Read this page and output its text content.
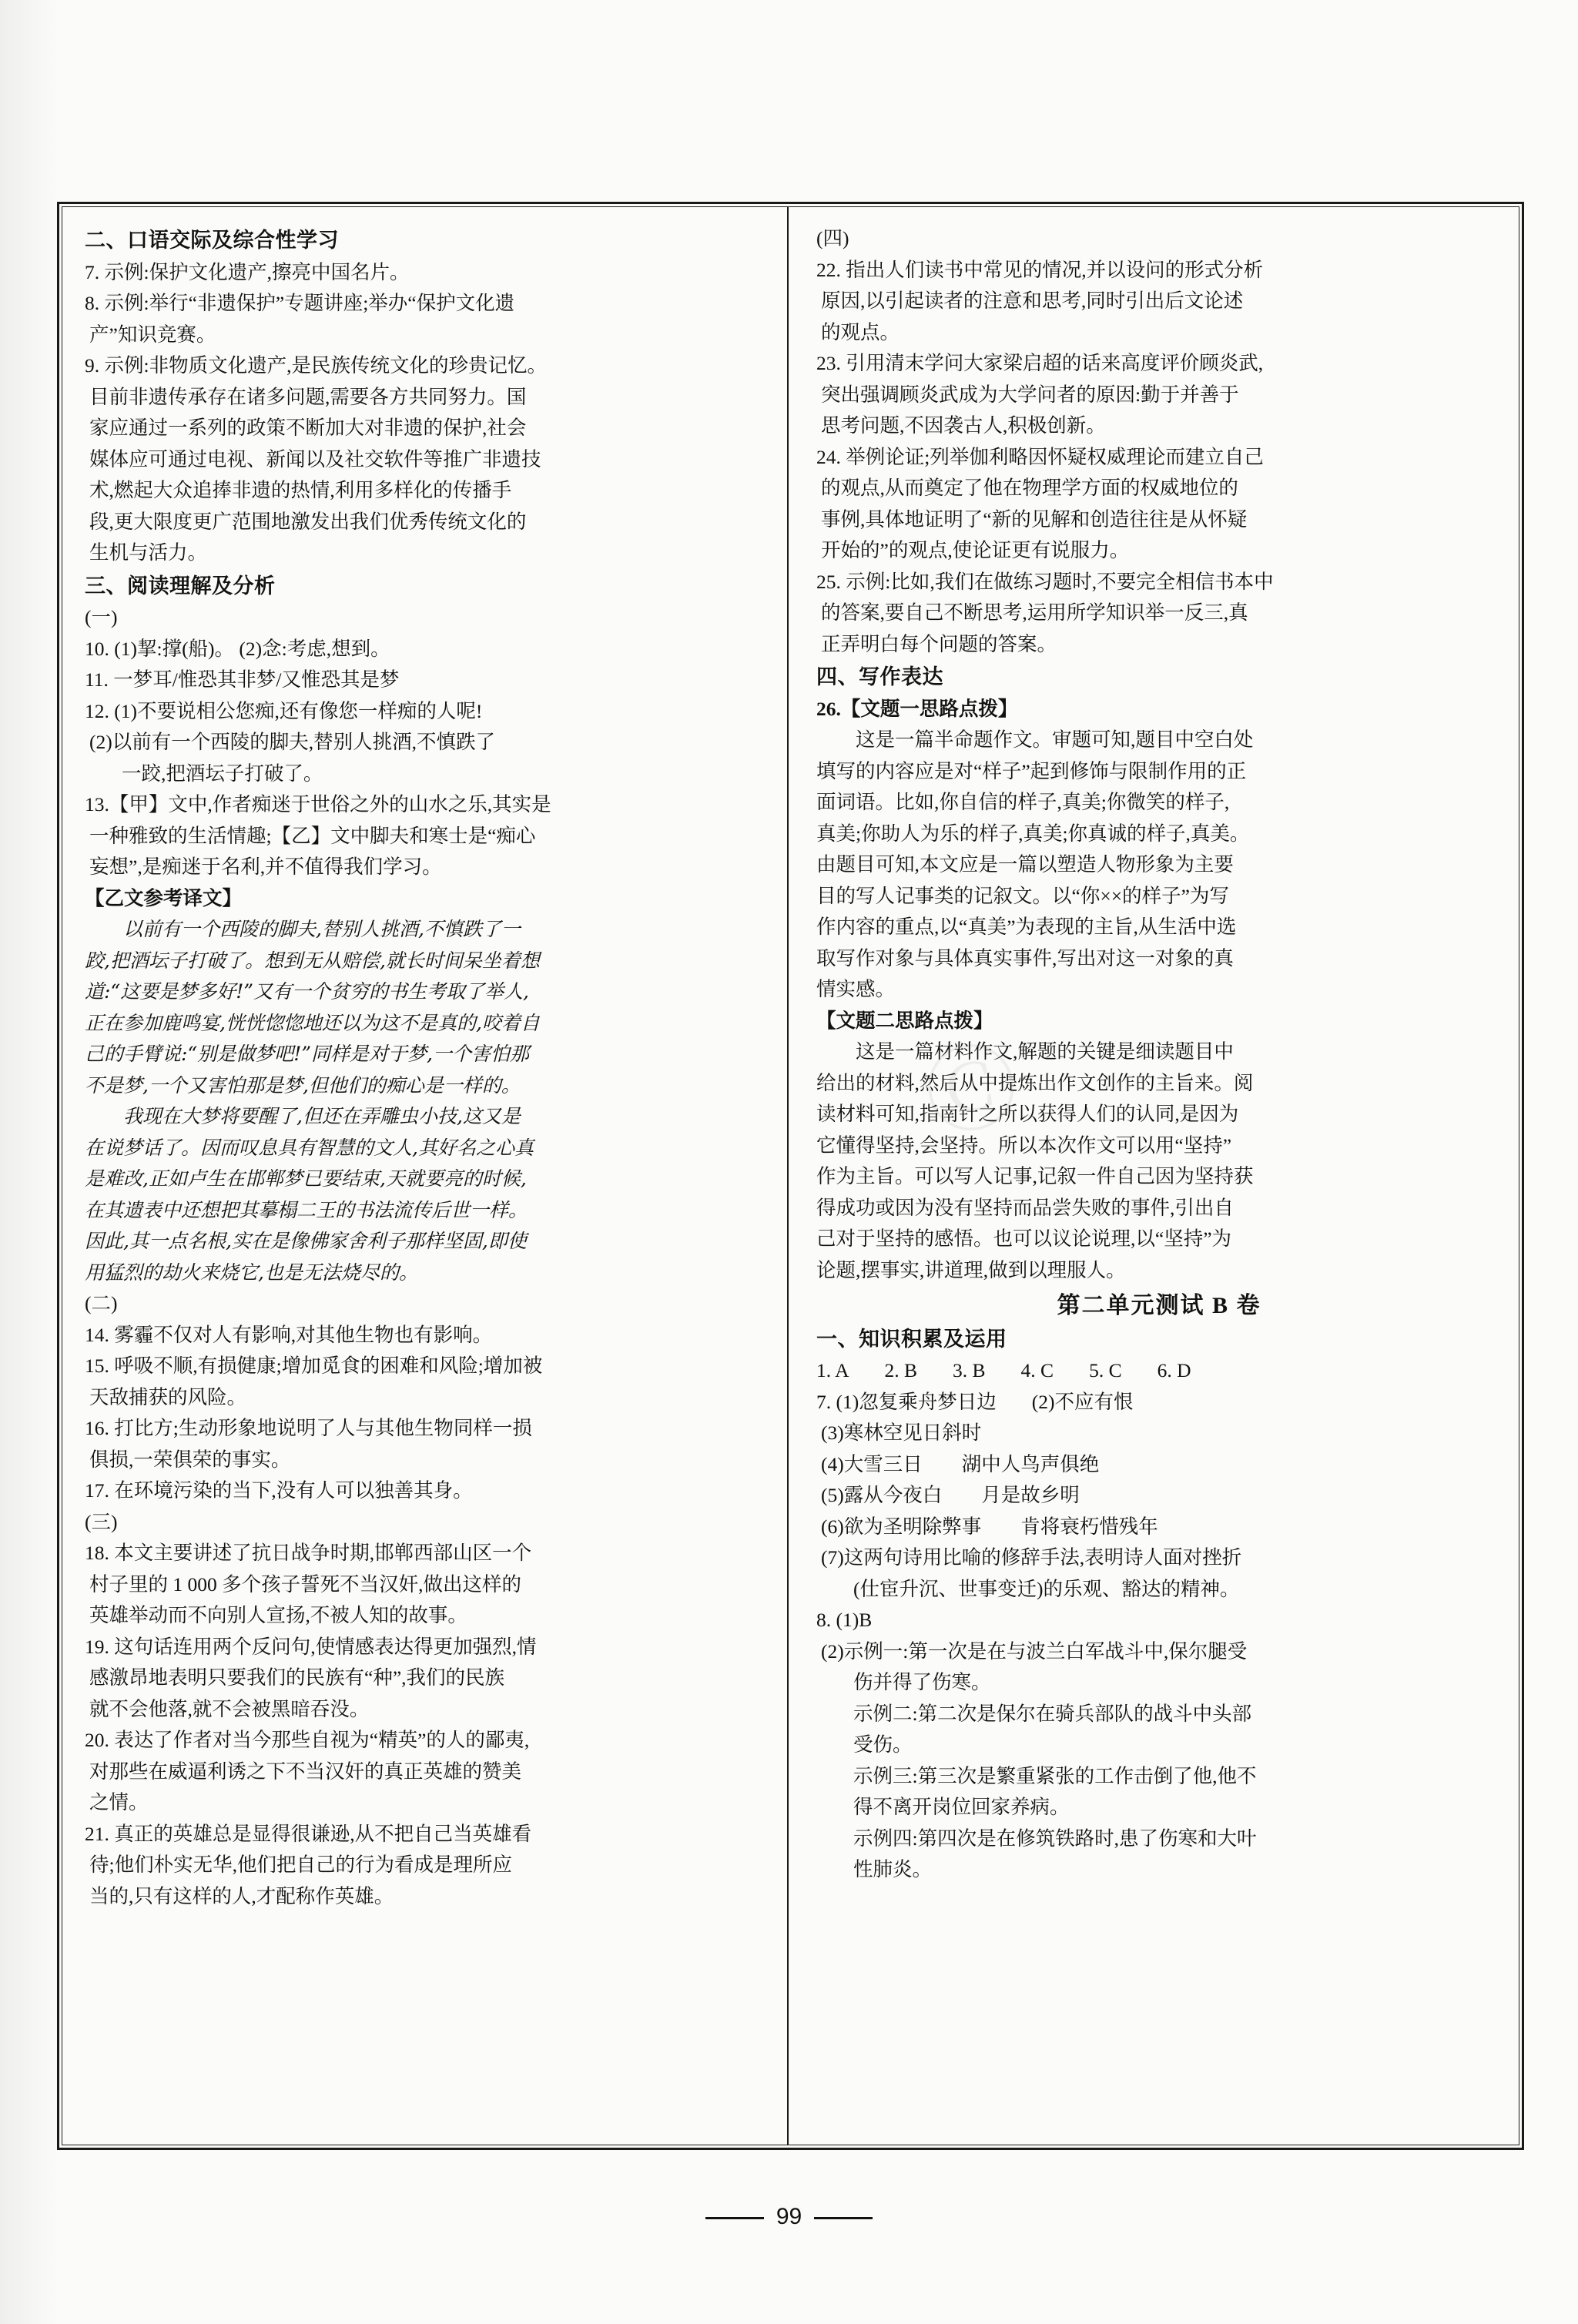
Ⓒ

二、口语交际及综合性学习
7. 示例:保护文化遗产,擦亮中国名片。
8. 示例:举行“非遗保护”专题讲座;举办“保护文化遗
产”知识竞赛。
9. 示例:非物质文化遗产,是民族传统文化的珍贵记忆。
目前非遗传承存在诸多问题,需要各方共同努力。国
家应通过一系列的政策不断加大对非遗的保护,社会
媒体应可通过电视、新闻以及社交软件等推广非遗技
术,燃起大众追捧非遗的热情,利用多样化的传播手
段,更大限度更广范围地激发出我们优秀传统文化的
生机与活力。
三、阅读理解及分析
(一)
10. (1)挈:撑(船)。 (2)念:考虑,想到。
11. 一梦耳/惟恐其非梦/又惟恐其是梦
12. (1)不要说相公您痴,还有像您一样痴的人呢!
(2)以前有一个西陵的脚夫,替别人挑酒,不慎跌了
一跤,把酒坛子打破了。
13.【甲】文中,作者痴迷于世俗之外的山水之乐,其实是
一种雅致的生活情趣;【乙】文中脚夫和寒士是“痴心
妄想”,是痴迷于名利,并不值得我们学习。
【乙文参考译文】
　　以前有一个西陵的脚夫,替别人挑酒,不慎跌了一
跤,把酒坛子打破了。想到无从赔偿,就长时间呆坐着想
道:“这要是梦多好!”又有一个贫穷的书生考取了举人,
正在参加鹿鸣宴,恍恍惚惚地还以为这不是真的,咬着自
己的手臂说:“别是做梦吧!”同样是对于梦,一个害怕那
不是梦,一个又害怕那是梦,但他们的痴心是一样的。
　　我现在大梦将要醒了,但还在弄雕虫小技,这又是
在说梦话了。因而叹息具有智慧的文人,其好名之心真
是难改,正如卢生在邯郸梦已要结束,天就要亮的时候,
在其遗表中还想把其摹榻二王的书法流传后世一样。
因此,其一点名根,实在是像佛家舍利子那样坚固,即使
用猛烈的劫火来烧它,也是无法烧尽的。
(二)
14. 雾霾不仅对人有影响,对其他生物也有影响。
15. 呼吸不顺,有损健康;增加觅食的困难和风险;增加被
天敌捕获的风险。
16. 打比方;生动形象地说明了人与其他生物同样一损
俱损,一荣俱荣的事实。
17. 在环境污染的当下,没有人可以独善其身。
(三)
18. 本文主要讲述了抗日战争时期,邯郸西部山区一个
村子里的 1 000 多个孩子誓死不当汉奸,做出这样的
英雄举动而不向别人宣扬,不被人知的故事。
19. 这句话连用两个反问句,使情感表达得更加强烈,情
感激昂地表明只要我们的民族有“种”,我们的民族
就不会他落,就不会被黑暗吞没。
20. 表达了作者对当今那些自视为“精英”的人的鄙夷,
对那些在威逼利诱之下不当汉奸的真正英雄的赞美
之情。
21. 真正的英雄总是显得很谦逊,从不把自己当英雄看
待;他们朴实无华,他们把自己的行为看成是理所应
当的,只有这样的人,才配称作英雄。
(四)
22. 指出人们读书中常见的情况,并以设问的形式分析
原因,以引起读者的注意和思考,同时引出后文论述
的观点。
23. 引用清末学问大家梁启超的话来高度评价顾炎武,
突出强调顾炎武成为大学问者的原因:勤于并善于
思考问题,不因袭古人,积极创新。
24. 举例论证;列举伽利略因怀疑权威理论而建立自己
的观点,从而奠定了他在物理学方面的权威地位的
事例,具体地证明了“新的见解和创造往往是从怀疑
开始的”的观点,使论证更有说服力。
25. 示例:比如,我们在做练习题时,不要完全相信书本中
的答案,要自己不断思考,运用所学知识举一反三,真
正弄明白每个问题的答案。
四、写作表达
26.【文题一思路点拨】
　　这是一篇半命题作文。审题可知,题目中空白处
填写的内容应是对“样子”起到修饰与限制作用的正
面词语。比如,你自信的样子,真美;你微笑的样子,
真美;你助人为乐的样子,真美;你真诚的样子,真美。
由题目可知,本文应是一篇以塑造人物形象为主要
目的写人记事类的记叙文。以“你××的样子”为写
作内容的重点,以“真美”为表现的主旨,从生活中选
取写作对象与具体真实事件,写出对这一对象的真
情实感。
【文题二思路点拨】
　　这是一篇材料作文,解题的关键是细读题目中
给出的材料,然后从中提炼出作文创作的主旨来。阅
读材料可知,指南针之所以获得人们的认同,是因为
它懂得坚持,会坚持。所以本次作文可以用“坚持”
作为主旨。可以写人记事,记叙一件自己因为坚持获
得成功或因为没有坚持而品尝失败的事件,引出自
己对于坚持的感悟。也可以议论说理,以“坚持”为
论题,摆事实,讲道理,做到以理服人。
第二单元测试 B 卷
一、知识积累及运用
1. A 2. B 3. B 4. C 5. C 6. D
7. (1)忽复乘舟梦日边 (2)不应有恨
(3)寒林空见日斜时
(4)大雪三日　　湖中人鸟声俱绝
(5)露从今夜白　　月是故乡明
(6)欲为圣明除弊事　　肯将衰朽惜残年
(7)这两句诗用比喻的修辞手法,表明诗人面对挫折
(仕宦升沉、世事变迁)的乐观、豁达的精神。
8. (1)B
(2)示例一:第一次是在与波兰白军战斗中,保尔腿受
伤并得了伤寒。
示例二:第二次是保尔在骑兵部队的战斗中头部
受伤。
示例三:第三次是繁重紧张的工作击倒了他,他不
得不离开岗位回家养病。
示例四:第四次是在修筑铁路时,患了伤寒和大叶
性肺炎。
99
